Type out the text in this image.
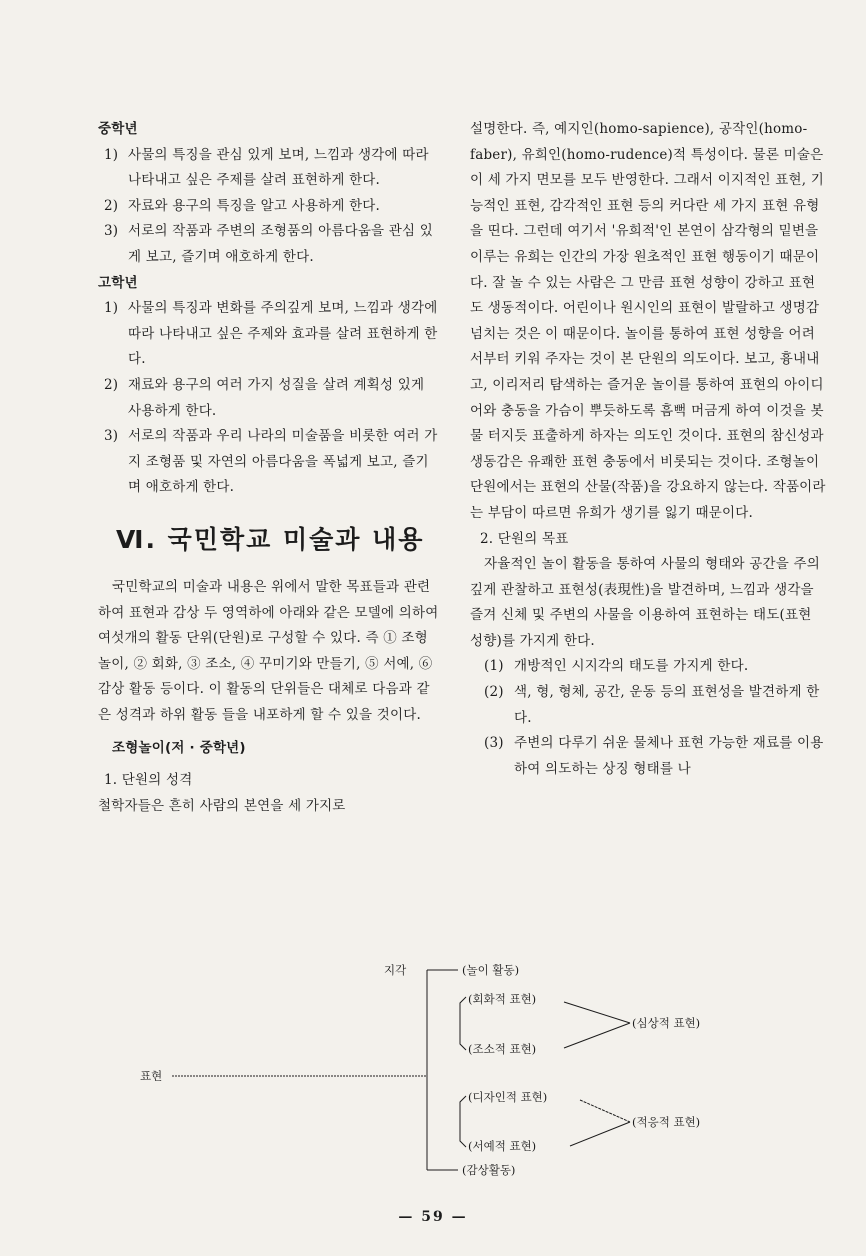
중학년
1) 사물의 특징을 관심 있게 보며, 느낌과 생각에 따라 나타내고 싶은 주제를 살려 표현하게 한다.
2) 자료와 용구의 특징을 알고 사용하게 한다.
3) 서로의 작품과 주변의 조형품의 아름다움을 관심 있게 보고, 즐기며 애호하게 한다.
고학년
1) 사물의 특징과 변화를 주의깊게 보며, 느낌과 생각에 따라 나타내고 싶은 주제와 효과를 살려 표현하게 한다.
2) 재료와 용구의 여러 가지 성질을 살려 계획성 있게 사용하게 한다.
3) 서로의 작품과 우리 나라의 미술품을 비롯한 여러 가지 조형품 및 자연의 아름다움을 폭넓게 보고, 즐기며 애호하게 한다.
Ⅵ. 국민학교 미술과 내용
국민학교의 미술과 내용은 위에서 말한 목표들과 관련하여 표현과 감상 두 영역하에 아래와 같은 모델에 의하여 여섯개의 활동 단위(단원)로 구성할 수 있다. 즉 ① 조형놀이, ② 회화, ③ 조소, ④ 꾸미기와 만들기, ⑤ 서예, ⑥ 감상 활동 등이다. 이 활동의 단위들은 대체로 다음과 같은 성격과 하위 활동 들을 내포하게 할 수 있을 것이다.
조형놀이(저 · 중학년)
1. 단원의 성격
철학자들은 흔히 사람의 본연을 세 가지로
설명한다. 즉, 예지인(homo-sapience), 공작인(homo-faber), 유희인(homo-rudence)적 특성이다. 물론 미술은 이 세 가지 면모를 모두 반영한다. 그래서 이지적인 표현, 기능적인 표현, 감각적인 표현 등의 커다란 세 가지 표현 유형을 띤다. 그런데 여기서 '유희적'인 본연이 삼각형의 밑변을 이루는 유희는 인간의 가장 원초적인 표현 행동이기 때문이다. 잘 놀 수 있는 사람은 그 만큼 표현 성향이 강하고 표현도 생동적이다. 어린이나 원시인의 표현이 발랄하고 생명감 넘치는 것은 이 때문이다. 놀이를 통하여 표현 성향을 어려서부터 키워 주자는 것이 본 단원의 의도이다. 보고, 흉내내고, 이리저리 탐색하는 즐거운 놀이를 통하여 표현의 아이디어와 충동을 가슴이 뿌듯하도록 흠뻑 머금게 하여 이것을 봇물 터지듯 표출하게 하자는 의도인 것이다. 표현의 참신성과 생동감은 유쾌한 표현 충동에서 비롯되는 것이다. 조형놀이 단원에서는 표현의 산물(작품)을 강요하지 않는다. 작품이라는 부담이 따르면 유희가 생기를 잃기 때문이다.
2. 단원의 목표
자율적인 놀이 활동을 통하여 사물의 형태와 공간을 주의깊게 관찰하고 표현성(表現性)을 발견하며, 느낌과 생각을 즐겨 신체 및 주변의 사물을 이용하여 표현하는 태도(표현 성향)를 가지게 한다.
(1) 개방적인 시지각의 태도를 가지게 한다.
(2) 색, 형, 형체, 공간, 운동 등의 표현성을 발견하게 한다.
(3) 주변의 다루기 쉬운 물체나 표현 가능한 재료를 이용하여 의도하는 상징 형태를 나
표현
지각	(놀이 활동)
(회화적 표현)
(조소적 표현)
(디자인적 표현)
(서예적 표현)
(감상활동)
(심상적 표현)
(적응적 표현)
— 59 —
